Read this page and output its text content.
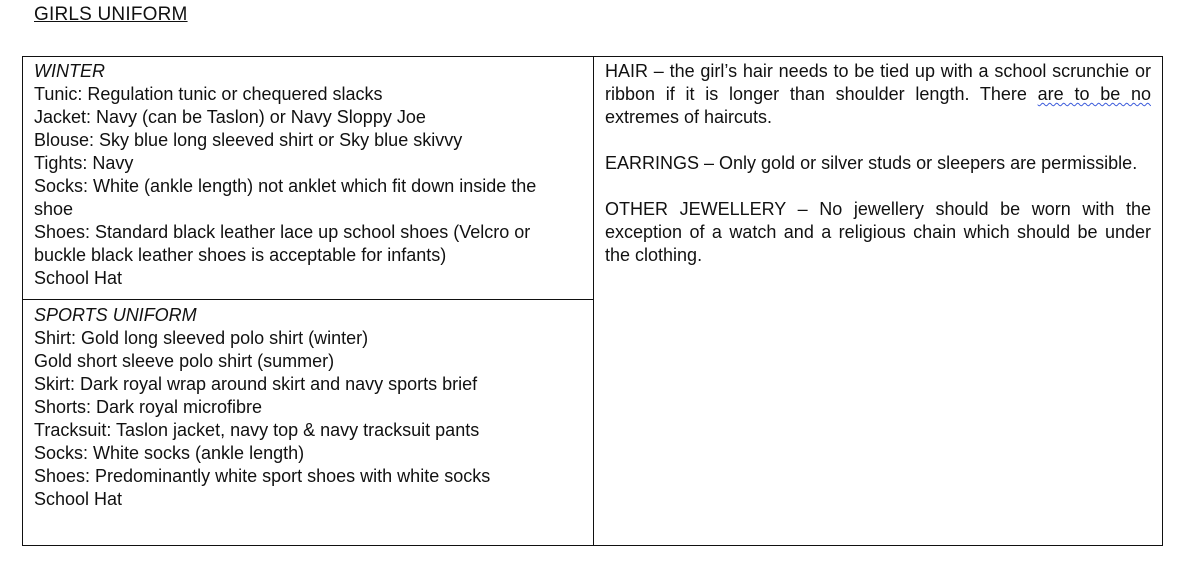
GIRLS UNIFORM
WINTER
Tunic: Regulation tunic or chequered slacks
Jacket: Navy (can be Taslon) or Navy Sloppy Joe
Blouse: Sky blue long sleeved shirt or Sky blue skivvy
Tights: Navy
Socks: White (ankle length) not anklet which fit down inside the
shoe
Shoes: Standard black leather lace up school shoes (Velcro or
buckle black leather shoes is acceptable for infants)
School Hat
SPORTS UNIFORM
Shirt: Gold long sleeved polo shirt (winter)
Gold short sleeve polo shirt (summer)
Skirt: Dark royal wrap around skirt and navy sports brief
Shorts: Dark royal microfibre
Tracksuit: Taslon jacket, navy top & navy tracksuit pants
Socks: White socks (ankle length)
Shoes: Predominantly white sport shoes with white socks
School Hat

HAIR – the girl’s hair needs to be tied up with a school scrunchie or ribbon if it is longer than shoulder length. There are to be no extremes of haircuts.

EARRINGS – Only gold or silver studs or sleepers are permissible.

OTHER JEWELLERY – No jewellery should be worn with the exception of a watch and a religious chain which should be under the clothing.
